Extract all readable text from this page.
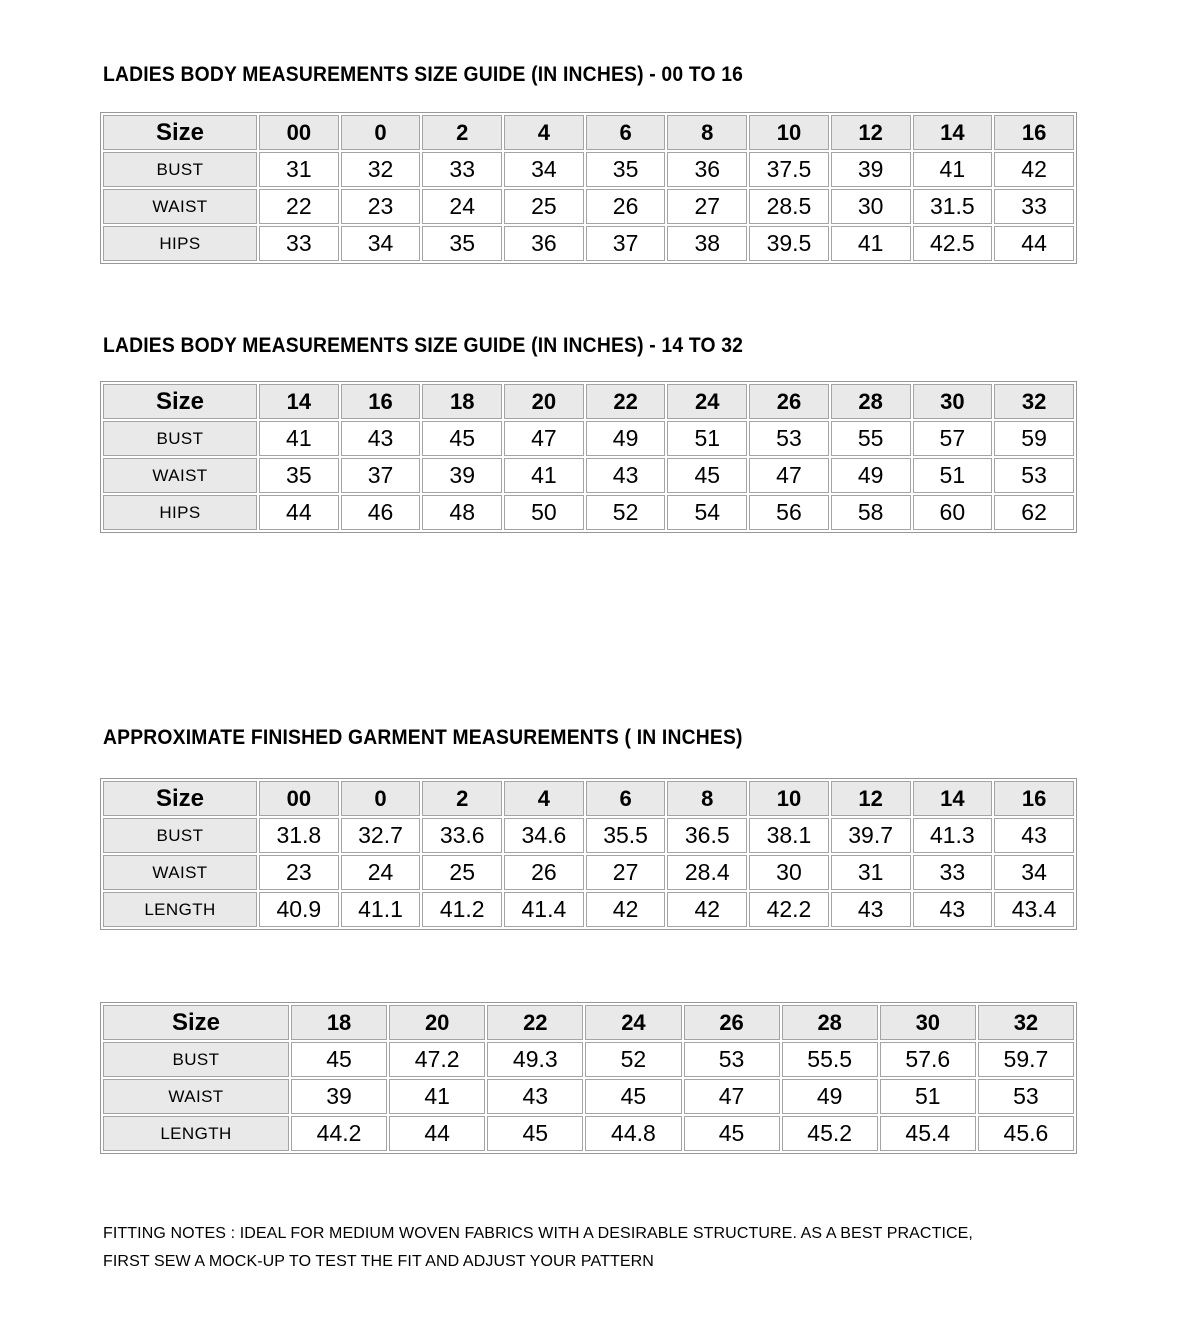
LADIES BODY MEASUREMENTS SIZE GUIDE (IN INCHES) - 00 TO 16
Size	00	0	2	4	6	8	10	12	14	16
BUST	31	32	33	34	35	36	37.5	39	41	42
WAIST	22	23	24	25	26	27	28.5	30	31.5	33
HIPS	33	34	35	36	37	38	39.5	41	42.5	44
LADIES BODY MEASUREMENTS SIZE GUIDE (IN INCHES) - 14 TO 32
Size	14	16	18	20	22	24	26	28	30	32
BUST	41	43	45	47	49	51	53	55	57	59
WAIST	35	37	39	41	43	45	47	49	51	53
HIPS	44	46	48	50	52	54	56	58	60	62
APPROXIMATE FINISHED GARMENT MEASUREMENTS ( IN INCHES)
Size	00	0	2	4	6	8	10	12	14	16
BUST	31.8	32.7	33.6	34.6	35.5	36.5	38.1	39.7	41.3	43
WAIST	23	24	25	26	27	28.4	30	31	33	34
LENGTH	40.9	41.1	41.2	41.4	42	42	42.2	43	43	43.4
Size	18	20	22	24	26	28	30	32
BUST	45	47.2	49.3	52	53	55.5	57.6	59.7
WAIST	39	41	43	45	47	49	51	53
LENGTH	44.2	44	45	44.8	45	45.2	45.4	45.6
FITTING NOTES : IDEAL FOR MEDIUM WOVEN FABRICS WITH A DESIRABLE STRUCTURE. AS A BEST PRACTICE,
FIRST SEW A MOCK-UP TO TEST THE FIT AND ADJUST YOUR PATTERN
